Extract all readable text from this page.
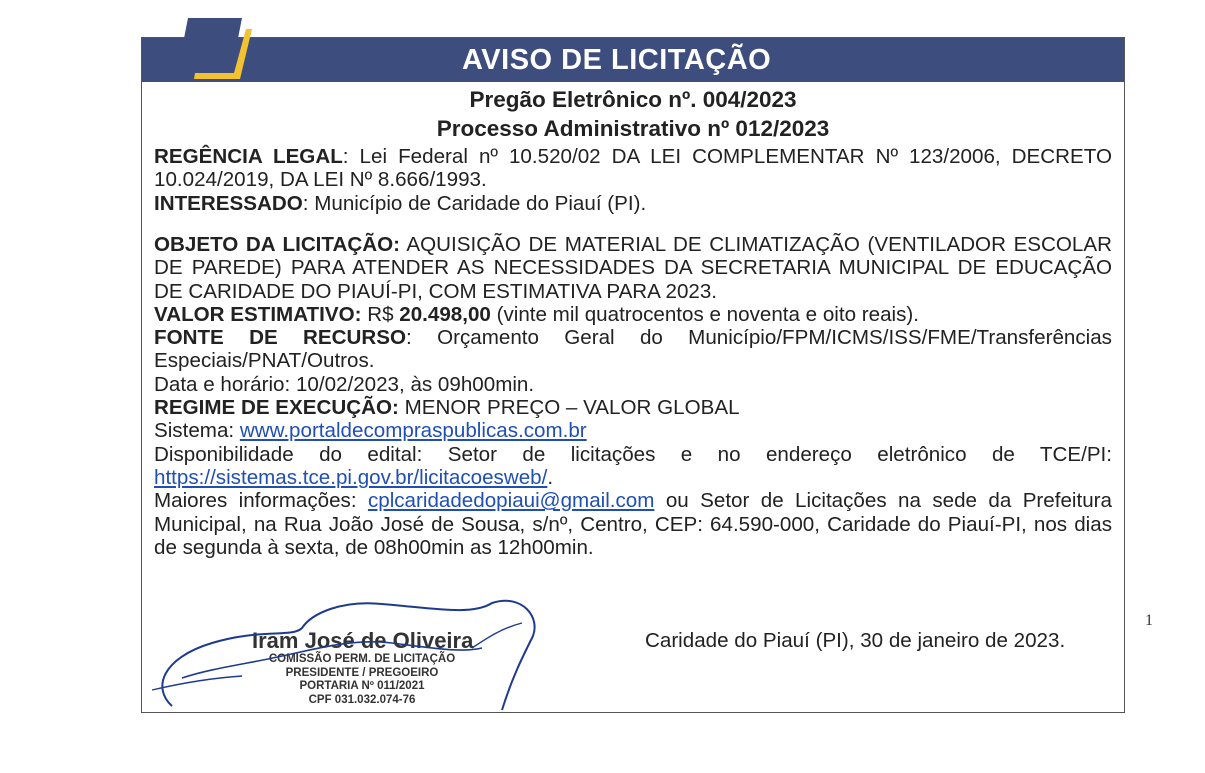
AVISO DE LICITAÇÃO
Pregão Eletrônico nº. 004/2023
Processo Administrativo nº 012/2023

REGÊNCIA LEGAL: Lei Federal nº 10.520/02 DA LEI COMPLEMENTAR Nº 123/2006, DECRETO 10.024/2019, DA LEI Nº 8.666/1993.

INTERESSADO: Município de Caridade do Piauí (PI).

OBJETO DA LICITAÇÃO: AQUISIÇÃO DE MATERIAL DE CLIMATIZAÇÃO (VENTILADOR ESCOLAR DE PAREDE) PARA ATENDER AS NECESSIDADES DA SECRETARIA MUNICIPAL DE EDUCAÇÃO DE CARIDADE DO PIAUÍ-PI, COM ESTIMATIVA PARA 2023.

VALOR ESTIMATIVO: R$ 20.498,00 (vinte mil quatrocentos e noventa e oito reais).

FONTE DE RECURSO: Orçamento Geral do Município/FPM/ICMS/ISS/FME/Transferências Especiais/PNAT/Outros.

Data e horário: 10/02/2023, às 09h00min.

REGIME DE EXECUÇÃO: MENOR PREÇO – VALOR GLOBAL

Sistema: www.portaldecompraspublicas.com.br

Disponibilidade do edital: Setor de licitações e no endereço eletrônico de TCE/PI: https://sistemas.tce.pi.gov.br/licitacoesweb/.

Maiores informações: cplcaridadedopiaui@gmail.com ou Setor de Licitações na sede da Prefeitura Municipal, na Rua João José de Sousa, s/nº, Centro, CEP: 64.590-000, Caridade do Piauí-PI, nos dias de segunda à sexta, de 08h00min as 12h00min.

Iram José de Oliveira
COMISSÃO PERM. DE LICITAÇÃO
PRESIDENTE / PREGOEIRO
PORTARIA Nº 011/2021
CPF 031.032.074-76
Caridade do Piauí (PI), 30 de janeiro de 2023.
1
